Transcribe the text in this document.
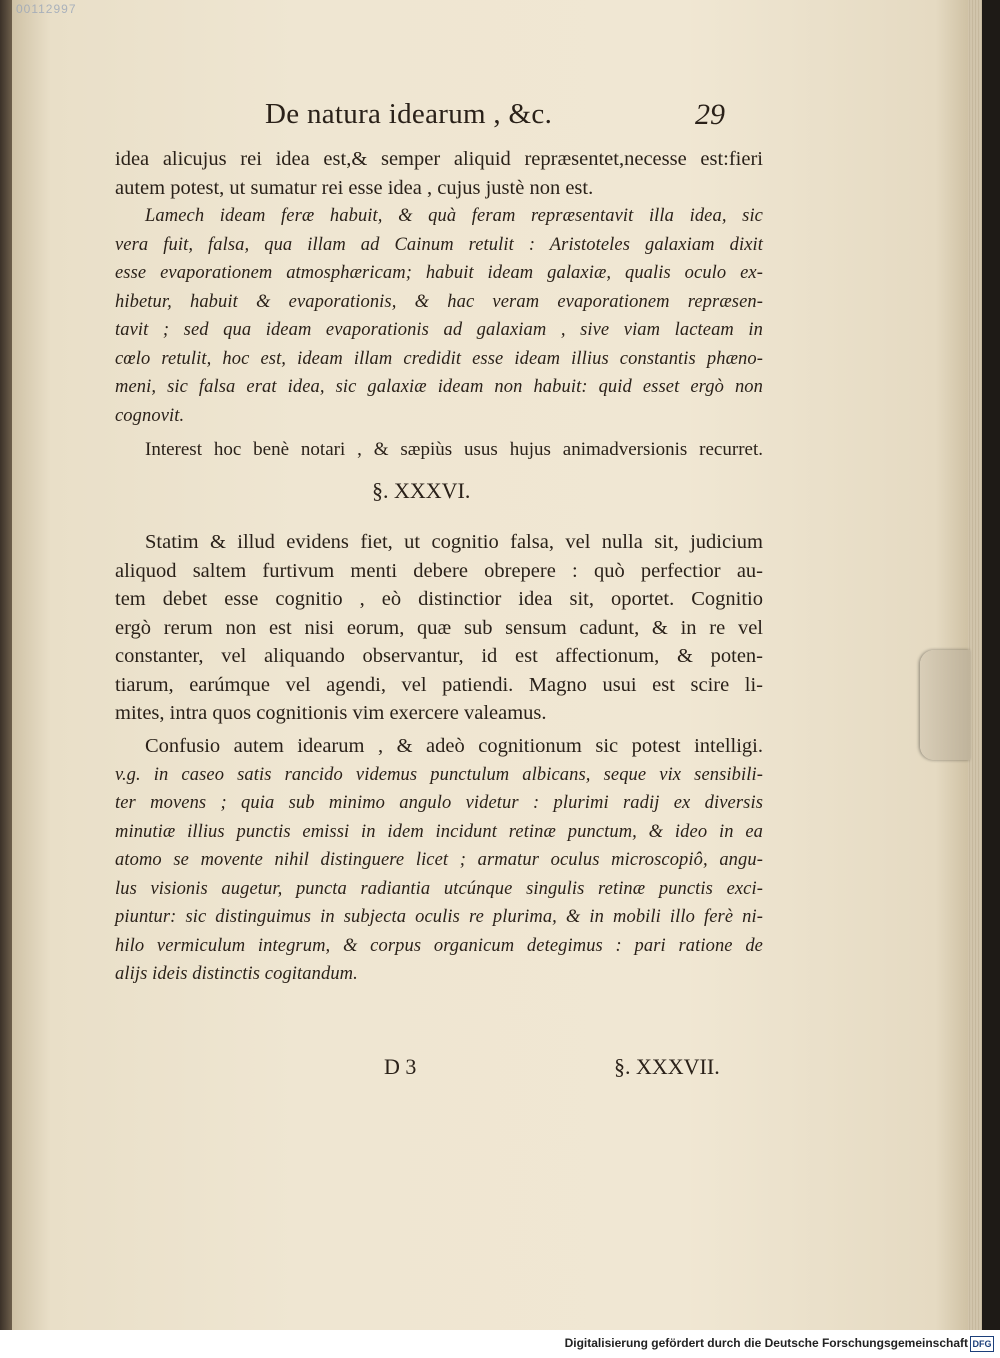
00112997
De natura idearum , &c.	29

idea alicujus rei idea est,& semper aliquid repræsentet,necesse est:fieri

autem potest, ut sumatur rei esse idea , cujus justè non est.

Lamech ideam feræ habuit, & quà feram repræsentavit illa idea, sic

vera fuit, falsa, qua illam ad Cainum retulit : Aristoteles galaxiam dixit

esse evaporationem atmosphæricam; habuit ideam galaxiæ, qualis oculo ex-

hibetur, habuit & evaporationis, & hac veram evaporationem repræsen-

tavit ; sed qua ideam evaporationis ad galaxiam , sive viam lacteam in

cœlo retulit, hoc est, ideam illam credidit esse ideam illius constantis phæno-

meni, sic falsa erat idea, sic galaxiæ ideam non habuit: quid esset ergò non

cognovit.

Interest hoc benè notari , & sæpiùs usus hujus animadversionis recurret.

§. XXXVI.

Statim & illud evidens fiet, ut cognitio falsa, vel nulla sit, judicium

aliquod saltem furtivum menti debere obrepere : quò perfectior au-

tem debet esse cognitio , eò distinctior idea sit, oportet. Cognitio

ergò rerum non est nisi eorum, quæ sub sensum cadunt, & in re vel

constanter, vel aliquando observantur, id est affectionum, & poten-

tiarum, earúmque vel agendi, vel patiendi. Magno usui est scire li-

mites, intra quos cognitionis vim exercere valeamus.

Confusio autem idearum , & adeò cognitionum sic potest intelligi.

v.g. in caseo satis rancido videmus punctulum albicans, seque vix sensibili-

ter movens ; quia sub minimo angulo videtur : plurimi radij ex diversis

minutiæ illius punctis emissi in idem incidunt retinæ punctum, & ideo in ea

atomo se movente nihil distinguere licet ; armatur oculus microscopiô, angu-

lus visionis augetur, puncta radiantia utcúnque singulis retinæ punctis exci-

piuntur: sic distinguimus in subjecta oculis re plurima, & in mobili illo ferè ni-

hilo vermiculum integrum, & corpus organicum detegimus : pari ratione de

alijs ideis distinctis cogitandum.

D 3	§. XXXVII.
Digitalisierung gefördert durch die Deutsche Forschungsgemeinschaft DFG
